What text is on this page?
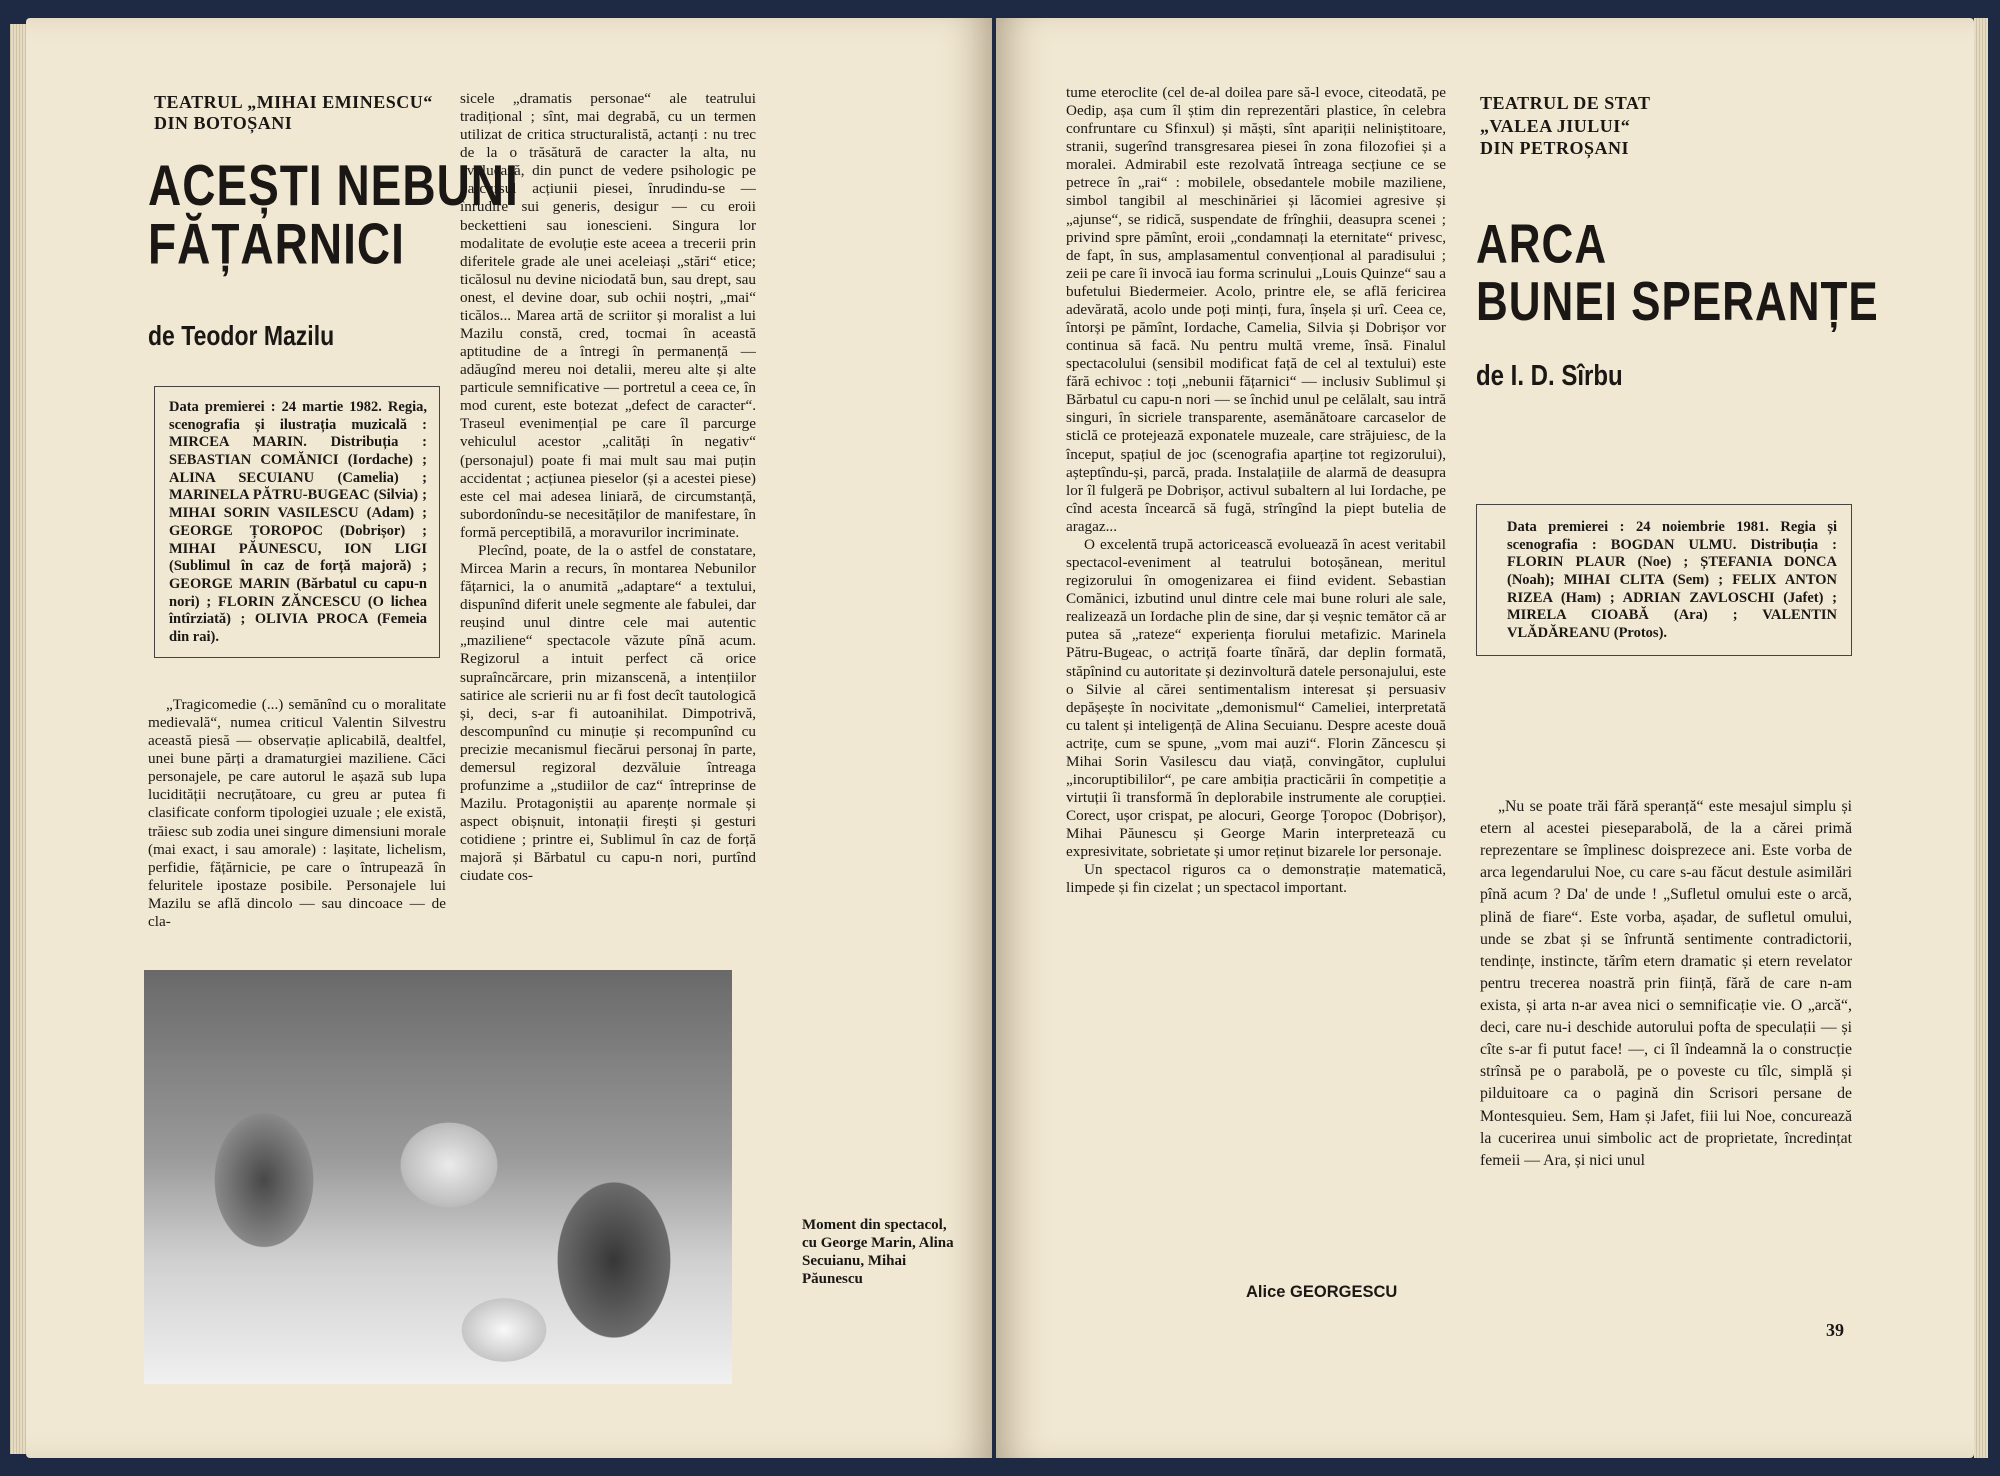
TEATRUL „MIHAI EMINESCU“
DIN BOTOȘANI
ACEȘTI NEBUNI
FĂȚARNICI
de Teodor Mazilu

Data premierei : 24 martie 1982. Regia, scenografia și ilustrația muzicală : MIRCEA MARIN. Distribuția : SEBASTIAN COMĂNICI (Iordache) ; ALINA SECUIANU (Camelia) ; MARINELA PĂTRU-BUGEAC (Silvia) ; MIHAI SORIN VASILESCU (Adam) ; GEORGE ȚOROPOC (Dobrișor) ; MIHAI PĂUNESCU, ION LIGI (Sublimul în caz de forță majoră) ; GEORGE MARIN (Bărbatul cu capu-n nori) ; FLORIN ZĂNCESCU (O lichea întîrziată) ; OLIVIA PROCA (Femeia din rai).

„Tragicomedie (...) semănînd cu o moralitate medievală“, numea criticul Valentin Silvestru această piesă — observație aplicabilă, dealtfel, unei bune părți a dramaturgiei maziliene. Căci personajele, pe care autorul le așază sub lupa lucidității necruțătoare, cu greu ar putea fi clasificate conform tipologiei uzuale ; ele există, trăiesc sub zodia unei singure dimensiuni morale (mai exact, i sau amorale) : lașitate, lichelism, perfidie, fățărnicie, pe care o întrupează în feluritele ipostaze posibile. Personajele lui Mazilu se află dincolo — sau dincoace — de cla-

sicele „dramatis personae“ ale teatrului tradițional ; sînt, mai degrabă, cu un termen utilizat de critica structuralistă, actanți : nu trec de la o trăsătură de caracter la alta, nu evoluează, din punct de vedere psihologic pe parcursul acțiunii piesei, înrudindu-se — înrudire sui generis, desigur — cu eroii beckettieni sau ionescieni. Singura lor modalitate de evoluție este aceea a trecerii prin diferitele grade ale unei aceleiași „stări“ etice; ticălosul nu devine niciodată bun, sau drept, sau onest, el devine doar, sub ochii noștri, „mai“ ticălos... Marea artă de scriitor și moralist a lui Mazilu constă, cred, tocmai în această aptitudine de a întregi în permanență — adăugînd mereu noi detalii, mereu alte și alte particule semnificative — portretul a ceea ce, în mod curent, este botezat „defect de caracter“. Traseul evenimențial pe care îl parcurge vehiculul acestor „calități în negativ“ (personajul) poate fi mai mult sau mai puțin accidentat ; acțiunea pieselor (și a acestei piese) este cel mai adesea liniară, de circumstanță, subordonîndu-se necesităților de manifestare, în formă perceptibilă, a moravurilor incriminate.

Plecînd, poate, de la o astfel de constatare, Mircea Marin a recurs, în montarea Nebunilor fățarnici, la o anumită „adaptare“ a textului, dispunînd diferit unele segmente ale fabulei, dar reușind unul dintre cele mai autentic „maziliene“ spectacole văzute pînă acum. Regizorul a intuit perfect că orice supraîncărcare, prin mizanscenă, a intențiilor satirice ale scrierii nu ar fi fost decît tautologică și, deci, s-ar fi autoanihilat. Dimpotrivă, descompunînd cu minuție și recompunînd cu precizie mecanismul fiecărui personaj în parte, demersul regizoral dezvăluie întreaga profunzime a „studiilor de caz“ întreprinse de Mazilu. Protagoniștii au aparențe normale și aspect obișnuit, intonații firești și gesturi cotidiene ; printre ei, Sublimul în caz de forță majoră și Bărbatul cu capu-n nori, purtînd ciudate cos-

Moment din spectacol, cu George Marin, Alina Secuianu, Mihai Păunescu

tume eteroclite (cel de-al doilea pare să-l evoce, citeodată, pe Oedip, așa cum îl știm din reprezentări plastice, în celebra confruntare cu Sfinxul) și măști, sînt apariții neliniștitoare, stranii, sugerînd transgresarea piesei în zona filozofiei și a moralei. Admirabil este rezolvată întreaga secțiune ce se petrece în „rai“ : mobilele, obsedantele mobile maziliene, simbol tangibil al meschinăriei și lăcomiei agresive și „ajunse“, se ridică, suspendate de frînghii, deasupra scenei ; privind spre pămînt, eroii „condamnați la eternitate“ privesc, de fapt, în sus, amplasamentul convențional al paradisului ; zeii pe care îi invocă iau forma scrinului „Louis Quinze“ sau a bufetului Biedermeier. Acolo, printre ele, se află fericirea adevărată, acolo unde poți minți, fura, înșela și urî. Ceea ce, întorși pe pămînt, Iordache, Camelia, Silvia și Dobrișor vor continua să facă. Nu pentru multă vreme, însă. Finalul spectacolului (sensibil modificat față de cel al textului) este fără echivoc : toți „nebunii fățarnici“ — inclusiv Sublimul și Bărbatul cu capu-n nori — se închid unul pe celălalt, sau intră singuri, în sicriele transparente, asemănătoare carcaselor de sticlă ce protejează exponatele muzeale, care străjuiesc, de la început, spațiul de joc (scenografia aparține tot regizorului), așteptîndu-și, parcă, prada. Instalațiile de alarmă de deasupra lor îl fulgeră pe Dobrișor, activul subaltern al lui Iordache, pe cînd acesta încearcă să fugă, strîngînd la piept butelia de aragaz...

O excelentă trupă actoricească evoluează în acest veritabil spectacol-eveniment al teatrului botoșănean, meritul regizorului în omogenizarea ei fiind evident. Sebastian Comănici, izbutind unul dintre cele mai bune roluri ale sale, realizează un Iordache plin de sine, dar și veșnic temător că ar putea să „rateze“ experiența fiorului metafizic. Marinela Pătru-Bugeac, o actriță foarte tînără, dar deplin formată, stăpînind cu autoritate și dezinvoltură datele personajului, este o Silvie al cărei sentimentalism interesat și persuasiv depășește în nocivitate „demonismul“ Cameliei, interpretată cu talent și inteligență de Alina Secuianu. Despre aceste două actrițe, cum se spune, „vom mai auzi“. Florin Zăncescu și Mihai Sorin Vasilescu dau viață, convingător, cuplului „incoruptibililor“, pe care ambiția practicării în competiție a virtuții îi transformă în deplorabile instrumente ale corupției. Corect, ușor crispat, pe alocuri, George Țoropoc (Dobrișor), Mihai Păunescu și George Marin interpretează cu expresivitate, sobrietate și umor reținut bizarele lor personaje.

Un spectacol riguros ca o demonstrație matematică, limpede și fin cizelat ; un spectacol important.

Alice GEORGESCU
TEATRUL DE STAT
„VALEA JIULUI“
DIN PETROȘANI
ARCA
BUNEI SPERANȚE
de I. D. Sîrbu

Data premierei : 24 noiembrie 1981. Regia și scenografia : BOGDAN ULMU. Distribuția : FLORIN PLAUR (Noe) ; ȘTEFANIA DONCA (Noah); MIHAI CLITA (Sem) ; FELIX ANTON RIZEA (Ham) ; ADRIAN ZAVLOSCHI (Jafet) ; MIRELA CIOABĂ (Ara) ; VALENTIN VLĂDĂREANU (Protos).

„Nu se poate trăi fără speranță“ este mesajul simplu și etern al acestei pieseparabolă, de la a cărei primă reprezentare se împlinesc doisprezece ani. Este vorba de arca legendarului Noe, cu care s-au făcut destule asimilări pînă acum ? Da' de unde ! „Sufletul omului este o arcă, plină de fiare“. Este vorba, așadar, de sufletul omului, unde se zbat și se înfruntă sentimente contradictorii, tendințe, instincte, tărîm etern dramatic și etern revelator pentru trecerea noastră prin ființă, fără de care n-am exista, și arta n-ar avea nici o semnificație vie. O „arcă“, deci, care nu-i deschide autorului pofta de speculații — și cîte s-ar fi putut face! —, ci îl îndeamnă la o construcție strînsă pe o parabolă, pe o poveste cu tîlc, simplă și pilduitoare ca o pagină din Scrisori persane de Montesquieu. Sem, Ham și Jafet, fiii lui Noe, concurează la cucerirea unui simbolic act de proprietate, încredințat femeii — Ara, și nici unul

39
